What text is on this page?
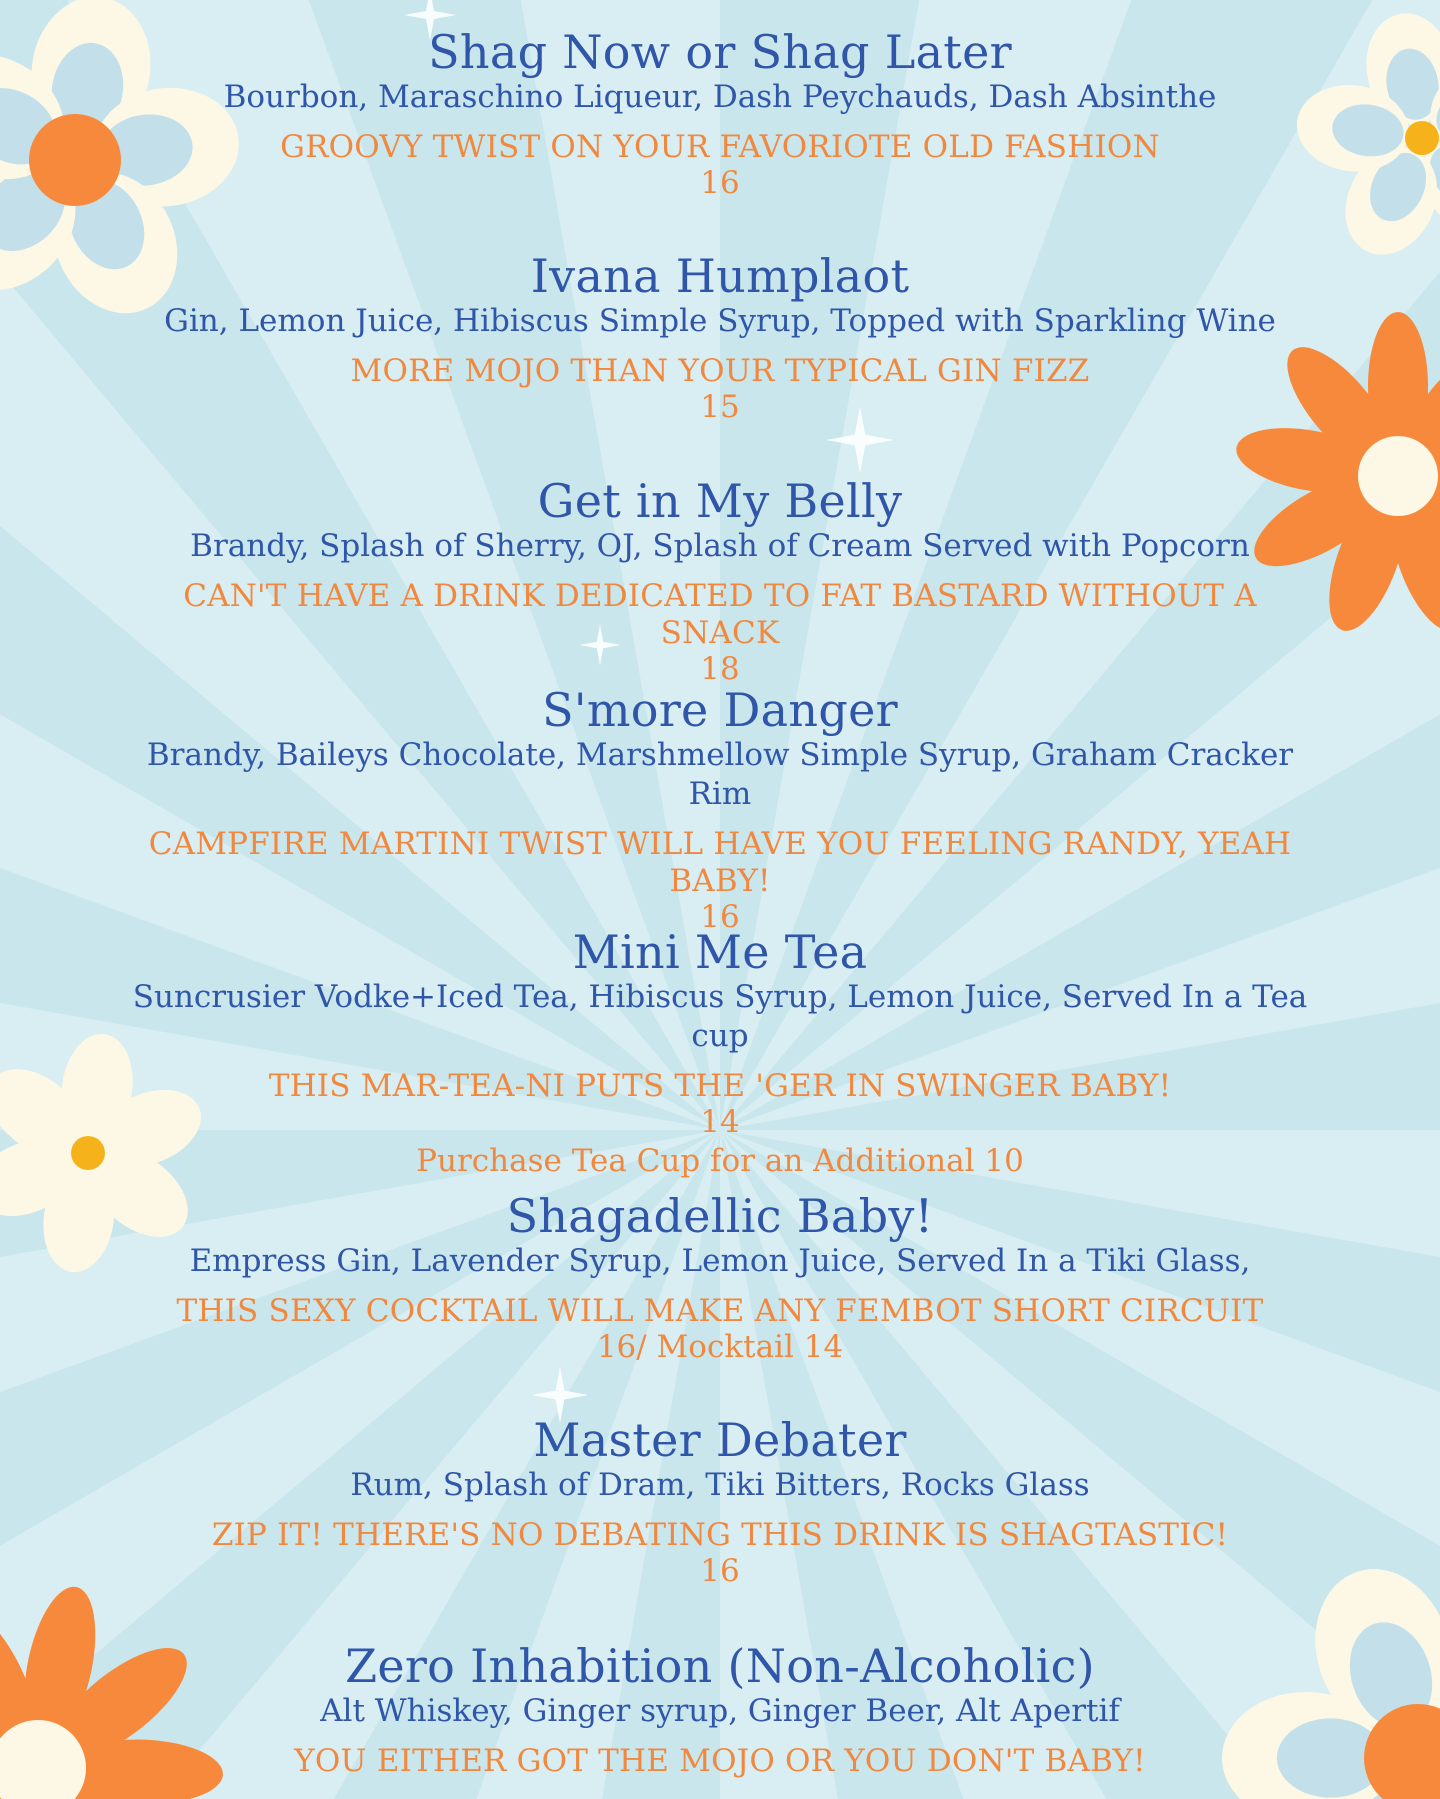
Shag Now or Shag Later
Bourbon, Maraschino Liqueur, Dash Peychauds, Dash Absinthe
GROOVY TWIST ON YOUR FAVORIOTE OLD FASHION
16
Ivana Humplaot
Gin, Lemon Juice, Hibiscus Simple Syrup, Topped with Sparkling Wine
MORE MOJO THAN YOUR TYPICAL GIN FIZZ
15
Get in My Belly
Brandy, Splash of Sherry, OJ, Splash of Cream Served with Popcorn
CAN'T HAVE A DRINK DEDICATED TO FAT BASTARD WITHOUT A SNACK
18
S'more Danger
Brandy, Baileys Chocolate, Marshmellow Simple Syrup, Graham Cracker Rim
CAMPFIRE MARTINI TWIST WILL HAVE YOU FEELING RANDY, YEAH BABY!
16
Mini Me Tea
Suncrusier Vodke+Iced Tea, Hibiscus Syrup, Lemon Juice, Served In a Tea cup
THIS MAR-TEA-NI PUTS THE 'GER IN SWINGER BABY!
14
Purchase Tea Cup for an Additional 10
Shagadellic Baby!
Empress Gin, Lavender Syrup, Lemon Juice, Served In a Tiki Glass,
THIS SEXY COCKTAIL WILL MAKE ANY FEMBOT SHORT CIRCUIT
16/ Mocktail 14
Master Debater
Rum, Splash of Dram, Tiki Bitters, Rocks Glass
ZIP IT! THERE'S NO DEBATING THIS DRINK IS SHAGTASTIC!
16
Zero Inhabition (Non-Alcoholic)
Alt Whiskey, Ginger syrup, Ginger Beer, Alt Apertif
YOU EITHER GOT THE MOJO OR YOU DON'T BABY!
